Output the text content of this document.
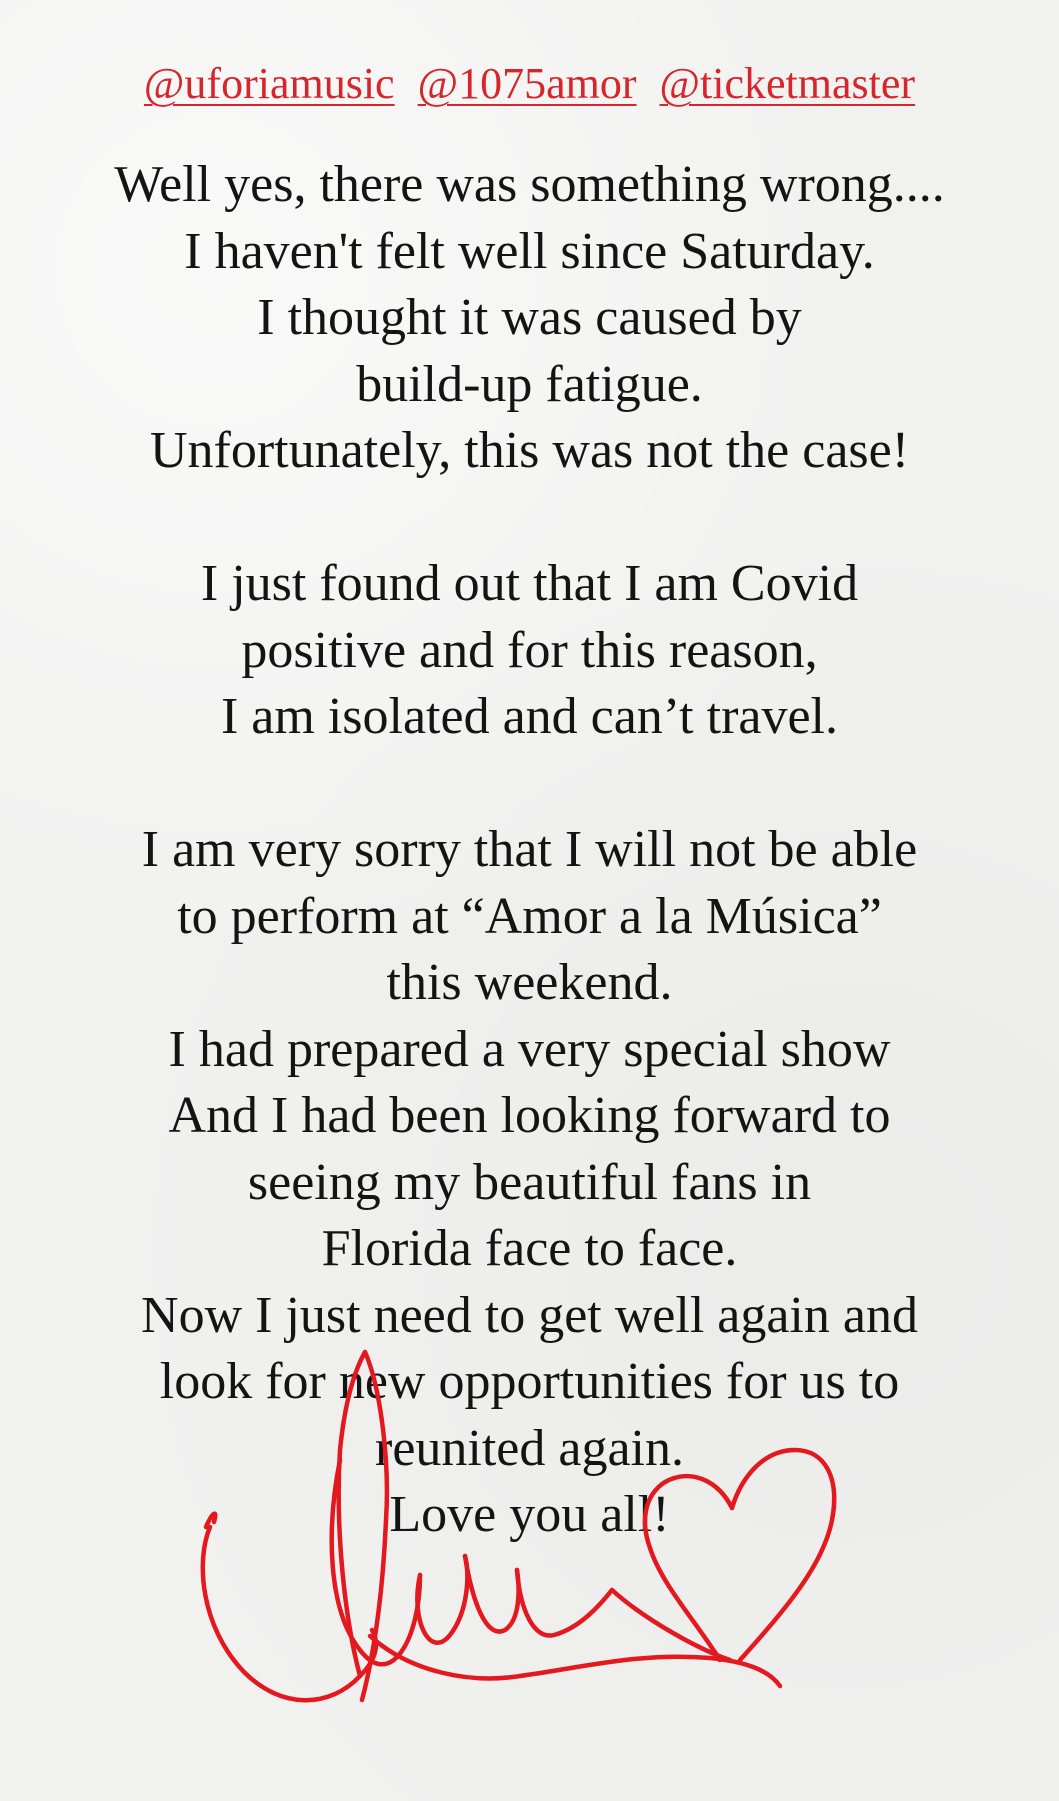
@uforiamusic @1075amor @ticketmaster
Well yes, there was something wrong....
I haven't felt well since Saturday.
I thought it was caused by
build-up fatigue.
Unfortunately, this was not the case!
I just found out that I am Covid
positive and for this reason,
I am isolated and can’t travel.
I am very sorry that I will not be able
to perform at “Amor a la Música”
this weekend.
I had prepared a very special show
And I had been looking forward to
seeing my beautiful fans in
Florida face to face.
Now I just need to get well again and
look for new opportunities for us to
reunited again.
Love you all!
